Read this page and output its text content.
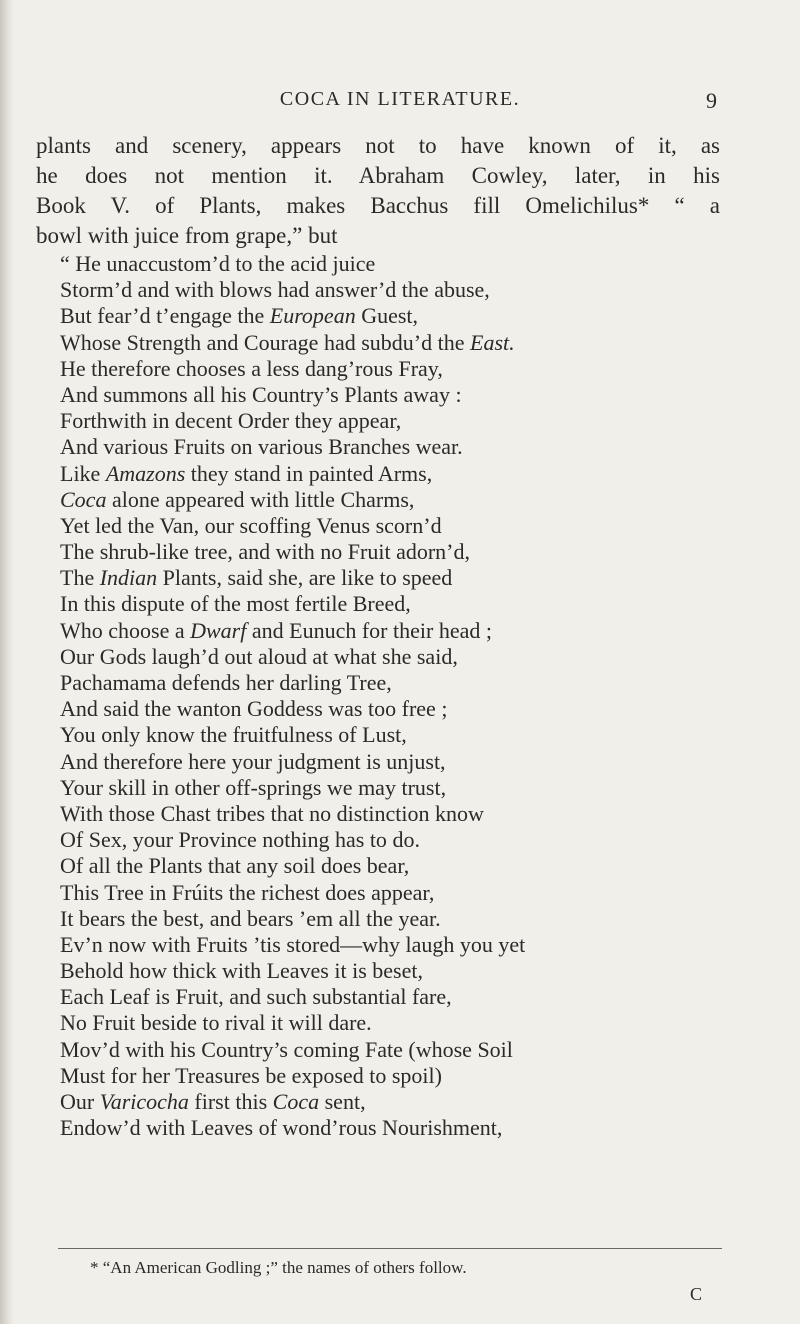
COCA IN LITERATURE.	9
plants and scenery, appears not to have known of it, as
he does not mention it. Abraham Cowley, later, in his
Book V. of Plants, makes Bacchus fill Omelichilus* “ a
bowl with juice from grape,” but
“ He unaccustom’d to the acid juice
Storm’d and with blows had answer’d the abuse,
But fear’d t’engage the European Guest,
Whose Strength and Courage had subdu’d the East.
He therefore chooses a less dang’rous Fray,
And summons all his Country’s Plants away :
Forthwith in decent Order they appear,
And various Fruits on various Branches wear.
Like Amazons they stand in painted Arms,
Coca alone appeared with little Charms,
Yet led the Van, our scoffing Venus scorn’d
The shrub-like tree, and with no Fruit adorn’d,
The Indian Plants, said she, are like to speed
In this dispute of the most fertile Breed,
Who choose a Dwarf and Eunuch for their head ;
Our Gods laugh’d out aloud at what she said,
Pachamama defends her darling Tree,
And said the wanton Goddess was too free ;
You only know the fruitfulness of Lust,
And therefore here your judgment is unjust,
Your skill in other off-springs we may trust,
With those Chast tribes that no distinction know
Of Sex, your Province nothing has to do.
Of all the Plants that any soil does bear,
This Tree in Frúits the richest does appear,
It bears the best, and bears ’em all the year.
Ev’n now with Fruits ’tis stored—why laugh you yet
Behold how thick with Leaves it is beset,
Each Leaf is Fruit, and such substantial fare,
No Fruit beside to rival it will dare.
Mov’d with his Country’s coming Fate (whose Soil
Must for her Treasures be exposed to spoil)
Our Varicocha first this Coca sent,
Endow’d with Leaves of wond’rous Nourishment,
* “An American Godling ;” the names of others follow.
C
